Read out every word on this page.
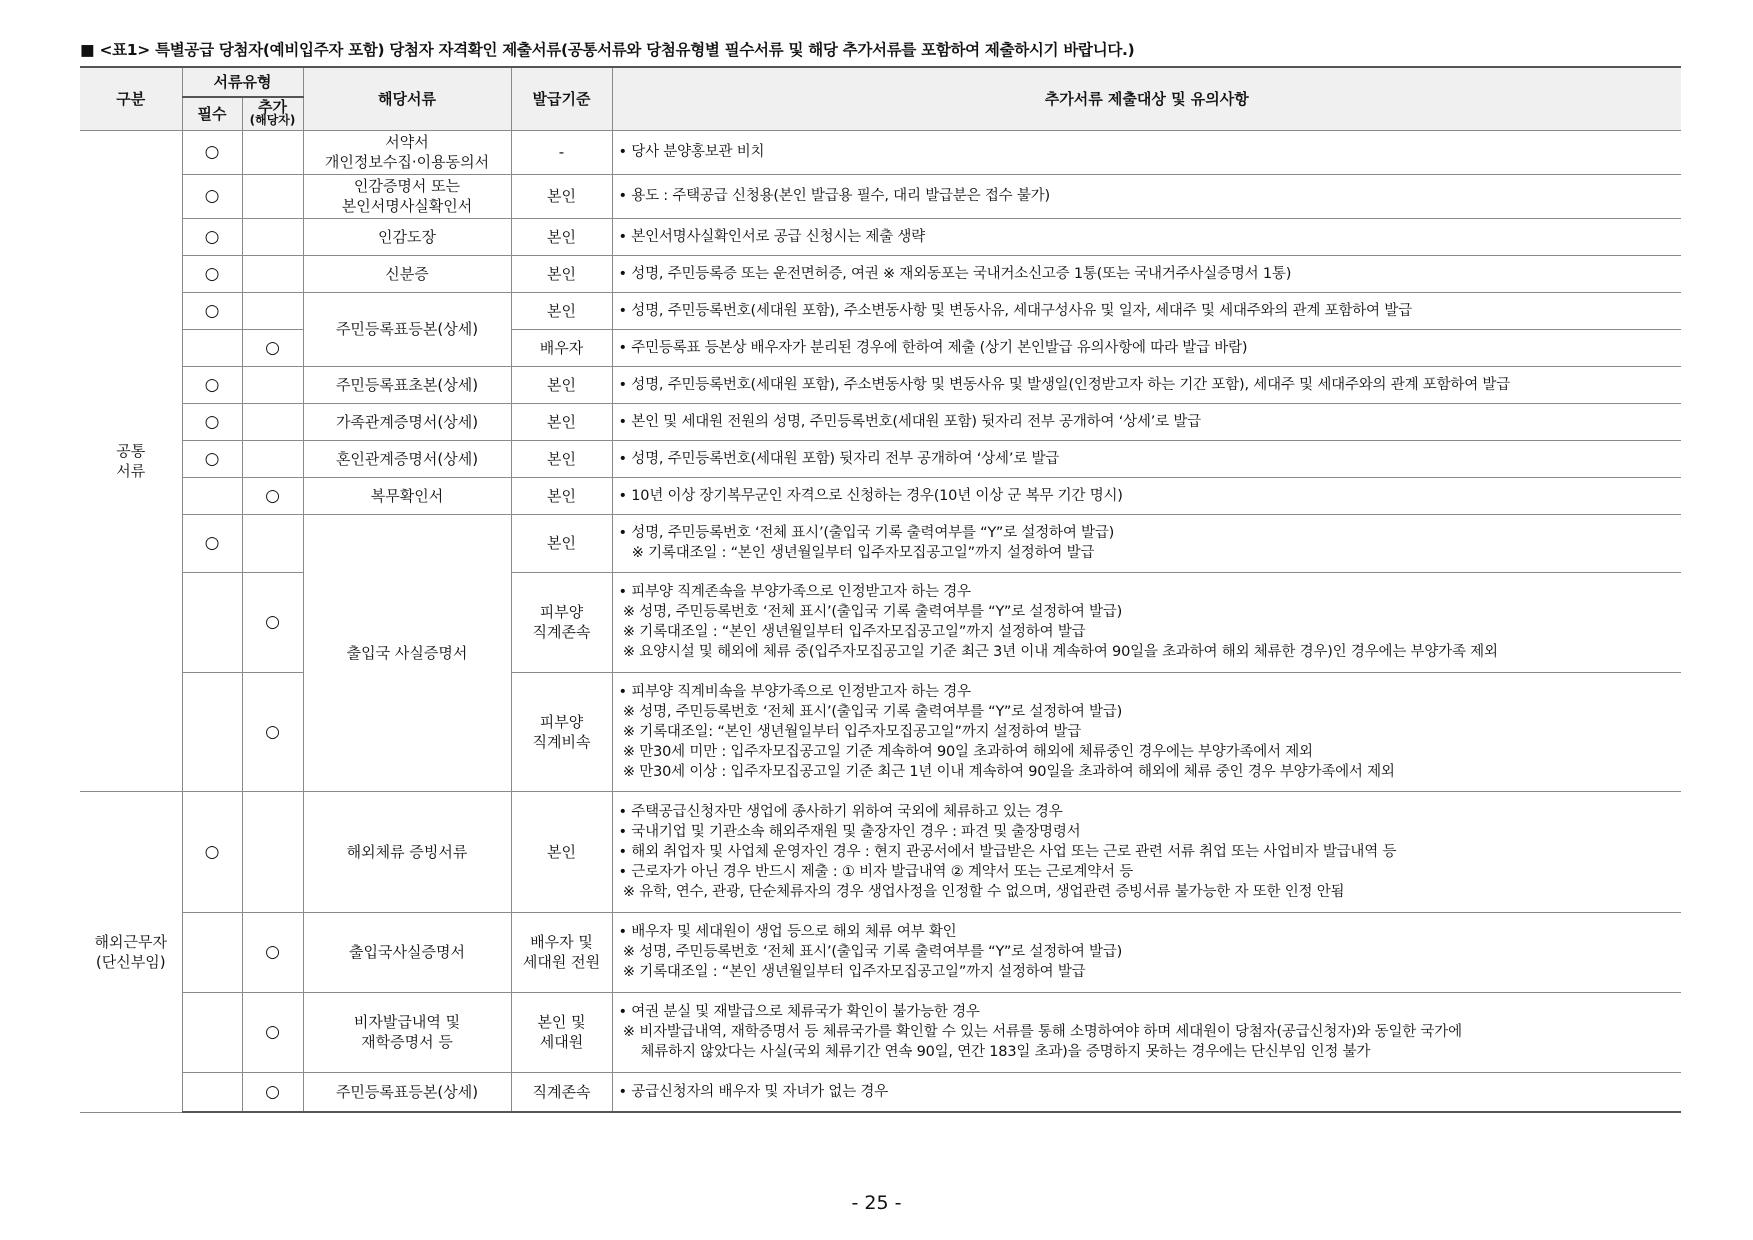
■ <표1> 특별공급 당첨자(예비입주자 포함) 당첨자 자격확인 제출서류(공통서류와 당첨유형별 필수서류 및 해당 추가서류를 포함하여 제출하시기 바랍니다.)
구분	서류유형		해당서류	발급기준	추가서류 제출대상 및 유의사항
	필수	추가
(해당자)			

공통
서류	○		서약서
개인정보수집·이용동의서	-	• 당사 분양홍보관 비치

	○		인감증명서 또는
본인서명사실확인서	본인	• 용도 : 주택공급 신청용(본인 발급용 필수, 대리 발급분은 접수 불가)

	○		인감도장	본인	• 본인서명사실확인서로 공급 신청시는 제출 생략

	○		신분증	본인	• 성명, 주민등록증 또는 운전면허증, 여권 ※ 재외동포는 국내거소신고증 1통(또는 국내거주사실증명서 1통)

	○		주민등록표등본(상세)	본인	• 성명, 주민등록번호(세대원 포함), 주소변동사항 및 변동사유, 세대구성사유 및 일자, 세대주 및 세대주와의 관계 포함하여 발급

		○		배우자	• 주민등록표 등본상 배우자가 분리된 경우에 한하여 제출 (상기 본인발급 유의사항에 따라 발급 바람)

	○		주민등록표초본(상세)	본인	• 성명, 주민등록번호(세대원 포함), 주소변동사항 및 변동사유 및 발생일(인정받고자 하는 기간 포함), 세대주 및 세대주와의 관계 포함하여 발급

	○		가족관계증명서(상세)	본인	• 본인 및 세대원 전원의 성명, 주민등록번호(세대원 포함) 뒷자리 전부 공개하여 ‘상세’로 발급

	○		혼인관계증명서(상세)	본인	• 성명, 주민등록번호(세대원 포함) 뒷자리 전부 공개하여 ‘상세’로 발급

		○	복무확인서	본인	• 10년 이상 장기복무군인 자격으로 신청하는 경우(10년 이상 군 복무 기간 명시)

	○		출입국 사실증명서	본인	• 성명, 주민등록번호 ‘전체 표시’(출입국 기록 출력여부를 “Y”로 설정하여 발급)
※ 기록대조일 : “본인 생년월일부터 입주자모집공고일”까지 설정하여 발급

		○		피부양
직계존속	• 피부양 직계존속을 부양가족으로 인정받고자 하는 경우
※ 성명, 주민등록번호 ‘전체 표시’(출입국 기록 출력여부를 “Y”로 설정하여 발급)
※ 기록대조일 : “본인 생년월일부터 입주자모집공고일”까지 설정하여 발급
※ 요양시설 및 해외에 체류 중(입주자모집공고일 기준 최근 3년 이내 계속하여 90일을 초과하여 해외 체류한 경우)인 경우에는 부양가족 제외

		○		피부양
직계비속	• 피부양 직계비속을 부양가족으로 인정받고자 하는 경우
※ 성명, 주민등록번호 ‘전체 표시’(출입국 기록 출력여부를 “Y”로 설정하여 발급)
※ 기록대조일: “본인 생년월일부터 입주자모집공고일”까지 설정하여 발급
※ 만30세 미만 : 입주자모집공고일 기준 계속하여 90일 초과하여 해외에 체류중인 경우에는 부양가족에서 제외
※ 만30세 이상 : 입주자모집공고일 기준 최근 1년 이내 계속하여 90일을 초과하여 해외에 체류 중인 경우 부양가족에서 제외

해외근무자
(단신부임)	○		해외체류 증빙서류	본인	• 주택공급신청자만 생업에 종사하기 위하여 국외에 체류하고 있는 경우
• 국내기업 및 기관소속 해외주재원 및 출장자인 경우 : 파견 및 출장명령서
• 해외 취업자 및 사업체 운영자인 경우 : 현지 관공서에서 발급받은 사업 또는 근로 관련 서류 취업 또는 사업비자 발급내역 등
• 근로자가 아닌 경우 반드시 제출 : ① 비자 발급내역 ② 계약서 또는 근로계약서 등
※ 유학, 연수, 관광, 단순체류자의 경우 생업사정을 인정할 수 없으며, 생업관련 증빙서류 불가능한 자 또한 인정 안됨

		○	출입국사실증명서	배우자 및
세대원 전원	• 배우자 및 세대원이 생업 등으로 해외 체류 여부 확인
※ 성명, 주민등록번호 ‘전체 표시’(출입국 기록 출력여부를 “Y”로 설정하여 발급)
※ 기록대조일 : “본인 생년월일부터 입주자모집공고일”까지 설정하여 발급

		○	비자발급내역 및
재학증명서 등	본인 및
세대원	• 여권 분실 및 재발급으로 체류국가 확인이 불가능한 경우
※ 비자발급내역, 재학증명서 등 체류국가를 확인할 수 있는 서류를 통해 소명하여야 하며 세대원이 당첨자(공급신청자)와 동일한 국가에
체류하지 않았다는 사실(국외 체류기간 연속 90일, 연간 183일 초과)을 증명하지 못하는 경우에는 단신부임 인정 불가

		○	주민등록표등본(상세)	직계존속	• 공급신청자의 배우자 및 자녀가 없는 경우
- 25 -
